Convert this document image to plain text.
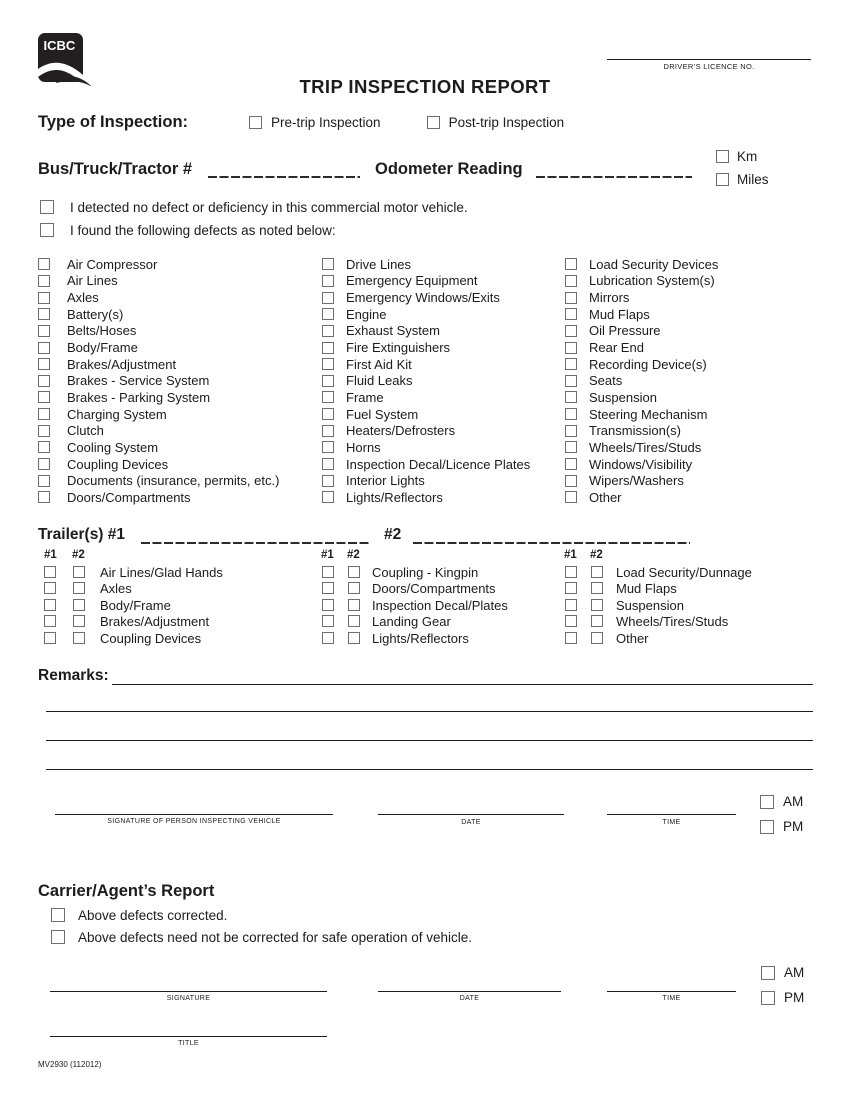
ICBC
DRIVER’S LICENCE NO.
TRIP INSPECTION REPORT
Type of Inspection:	Pre-trip Inspection	Post-trip Inspection
Bus/Truck/Tractor #	Odometer Reading
Km
Miles
I detected no defect or deficiency in this commercial motor vehicle.
I found the following defects as noted below:
Air Compressor
Air Lines
Axles
Battery(s)
Belts/Hoses
Body/Frame
Brakes/Adjustment
Brakes - Service System
Brakes - Parking System
Charging System
Clutch
Cooling System
Coupling Devices
Documents (insurance, permits, etc.)
Doors/Compartments
Drive Lines
Emergency Equipment
Emergency Windows/Exits
Engine
Exhaust System
Fire Extinguishers
First Aid Kit
Fluid Leaks
Frame
Fuel System
Heaters/Defrosters
Horns
Inspection Decal/Licence Plates
Interior Lights
Lights/Reflectors
Load Security Devices
Lubrication System(s)
Mirrors
Mud Flaps
Oil Pressure
Rear End
Recording Device(s)
Seats
Suspension
Steering Mechanism
Transmission(s)
Wheels/Tires/Studs
Windows/Visibility
Wipers/Washers
Other
Trailer(s) #1	#2
#1 #2	#1 #2	#1 #2
Air Lines/Glad Hands
Axles
Body/Frame
Brakes/Adjustment
Coupling Devices
Coupling - Kingpin
Doors/Compartments
Inspection Decal/Plates
Landing Gear
Lights/Reflectors
Load Security/Dunnage
Mud Flaps
Suspension
Wheels/Tires/Studs
Other
Remarks:
SIGNATURE OF PERSON INSPECTING VEHICLE	DATE	TIME
AM
PM
Carrier/Agent’s Report
Above defects corrected.
Above defects need not be corrected for safe operation of vehicle.
SIGNATURE	DATE	TIME
AM
PM
TITLE
MV2930 (112012)
